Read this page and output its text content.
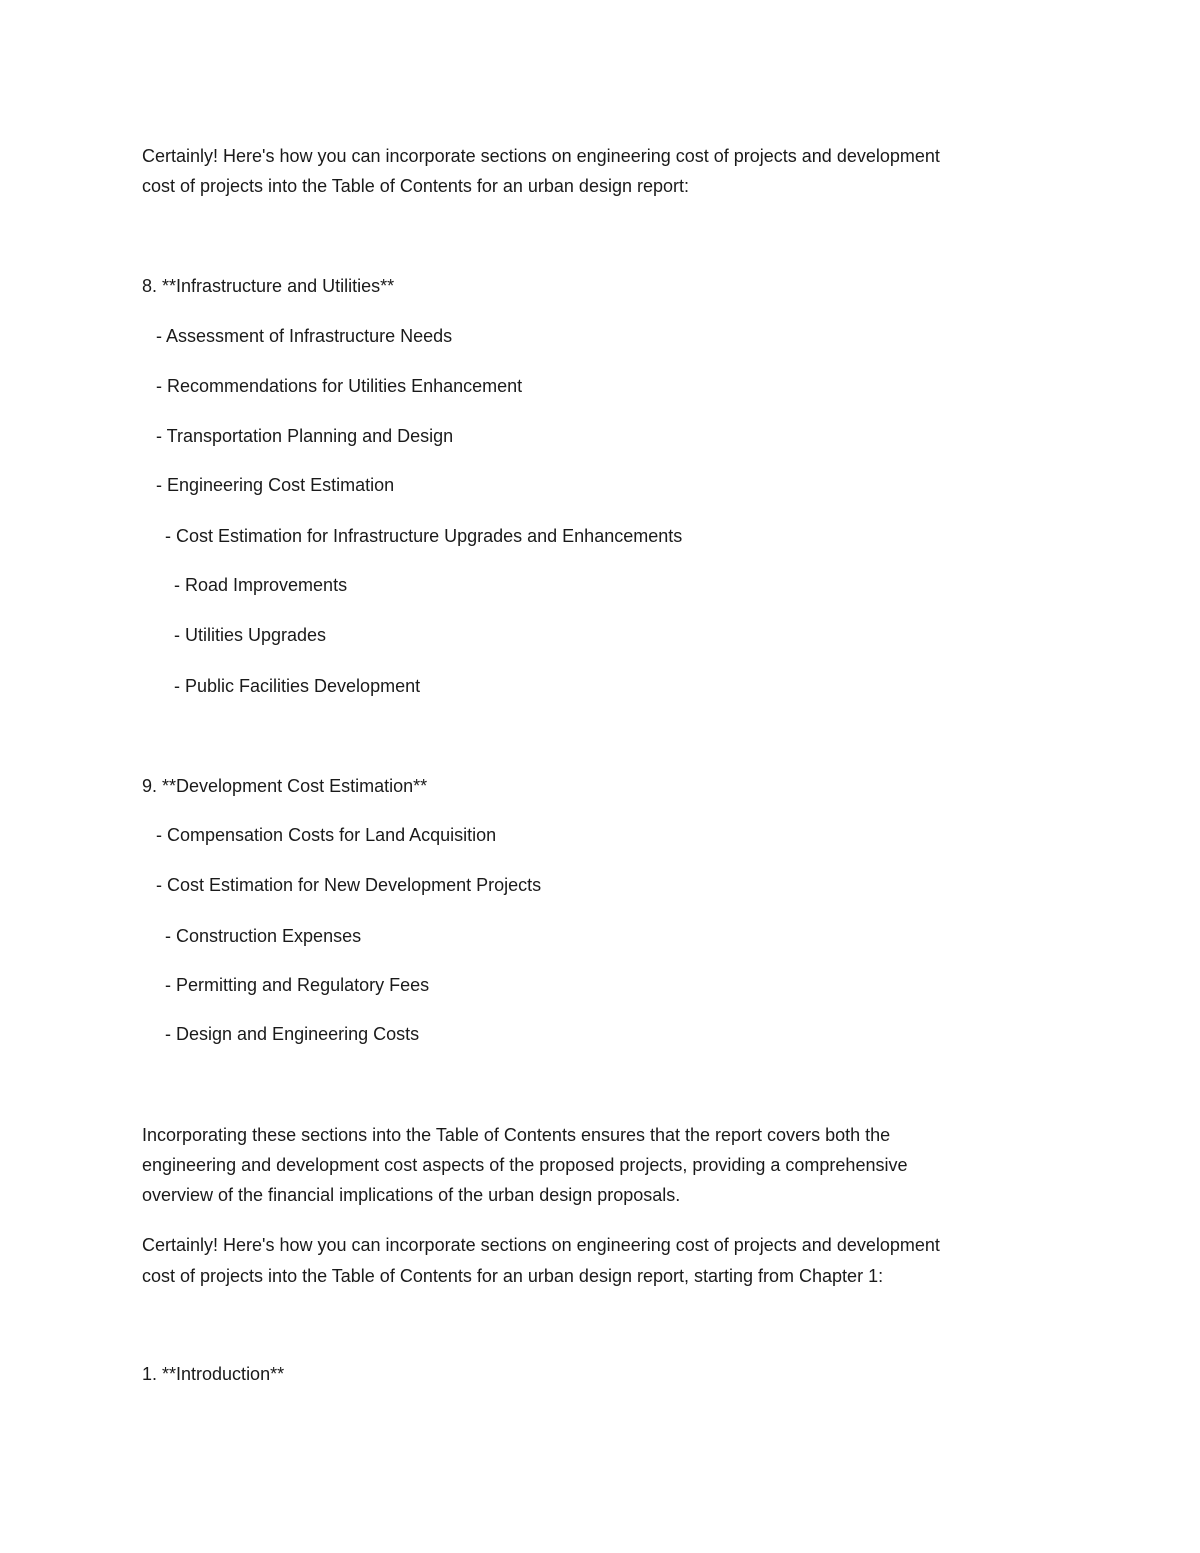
Certainly! Here's how you can incorporate sections on engineering cost of projects and development
cost of projects into the Table of Contents for an urban design report:
8. **Infrastructure and Utilities**
- Assessment of Infrastructure Needs
- Recommendations for Utilities Enhancement
- Transportation Planning and Design
- Engineering Cost Estimation
- Cost Estimation for Infrastructure Upgrades and Enhancements
- Road Improvements
- Utilities Upgrades
- Public Facilities Development
9. **Development Cost Estimation**
- Compensation Costs for Land Acquisition
- Cost Estimation for New Development Projects
- Construction Expenses
- Permitting and Regulatory Fees
- Design and Engineering Costs
Incorporating these sections into the Table of Contents ensures that the report covers both the
engineering and development cost aspects of the proposed projects, providing a comprehensive
overview of the financial implications of the urban design proposals.
Certainly! Here's how you can incorporate sections on engineering cost of projects and development
cost of projects into the Table of Contents for an urban design report, starting from Chapter 1:
1. **Introduction**
